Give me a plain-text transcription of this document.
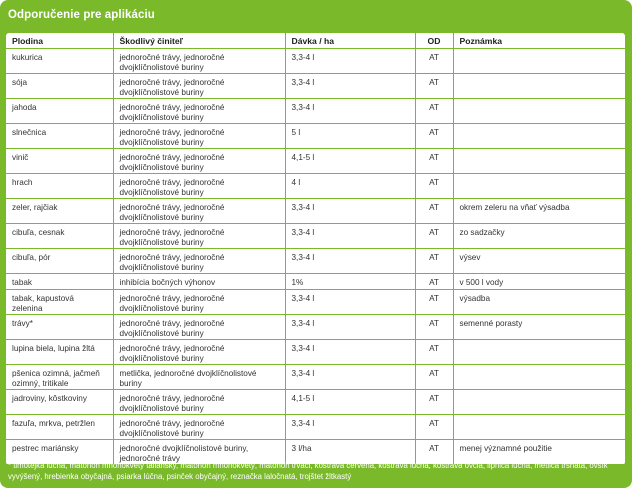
Odporučenie pre aplikáciu
Plodina	Škodlivý činiteľ	Dávka / ha	OD	Poznámka
kukurica	jednoročné trávy, jednoročné dvojklíčnolistové buriny	3,3-4 l	AT	
sója	jednoročné trávy, jednoročné dvojklíčnolistové buriny	3,3-4 l	AT	
jahoda	jednoročné trávy, jednoročné dvojklíčnolistové buriny	3,3-4 l	AT	
slnečnica	jednoročné trávy, jednoročné dvojklíčnolistové buriny	5 l	AT	
vinič	jednoročné trávy, jednoročné dvojklíčnolistové buriny	4,1-5 l	AT	
hrach	jednoročné trávy, jednoročné dvojklíčnolistové buriny	4 l	AT	
zeler, rajčiak	jednoročné trávy, jednoročné dvojklíčnolistové buriny	3,3-4 l	AT	okrem zeleru na vňať výsadba
cibuľa, cesnak	jednoročné trávy, jednoročné dvojklíčnolistové buriny	3,3-4 l	AT	zo sadzačky
cibuľa, pór	jednoročné trávy, jednoročné dvojklíčnolistové buriny	3,3-4 l	AT	výsev
tabak	inhibícia bočných výhonov	1%	AT	v 500 l vody
tabak, kapustová zelenina	jednoročné trávy, jednoročné dvojklíčnolistové buriny	3,3-4 l	AT	výsadba
trávy*	jednoročné trávy, jednoročné dvojklíčnolistové buriny	3,3-4 l	AT	semenné porasty
lupina biela, lupina žltá	jednoročné trávy, jednoročné dvojklíčnolistové buriny	3,3-4 l	AT	
pšenica ozimná, jačmeň ozimný, tritikale	metlička, jednoročné dvojklíčnolistové buriny	3,3-4 l	AT	
jadroviny, kôstkoviny	jednoročné trávy, jednoročné dvojklíčnolistové buriny	4,1-5 l	AT	
fazuľa, mrkva, petržlen	jednoročné trávy, jednoročné dvojklíčnolistové buriny	3,3-4 l	AT	
pestrec mariánsky	jednoročné dvojklíčnolistové buriny, jednoročné trávy	3 l/ha	AT	menej významné použitie
* timotejka lúčna, mätonoh mnohokvetý taliansky, mätonoh mnohokvetý, mätonoh trváci, kostrava červená, kostrava lúčna, kostrava ovčia, lipnica lúčna, metlica trsnatá, ovsík vyvýšený, hrebienka obyčajná, psiarka lúčna, psinček obyčajný, reznačka laločnatá, trojštet žltkastý
